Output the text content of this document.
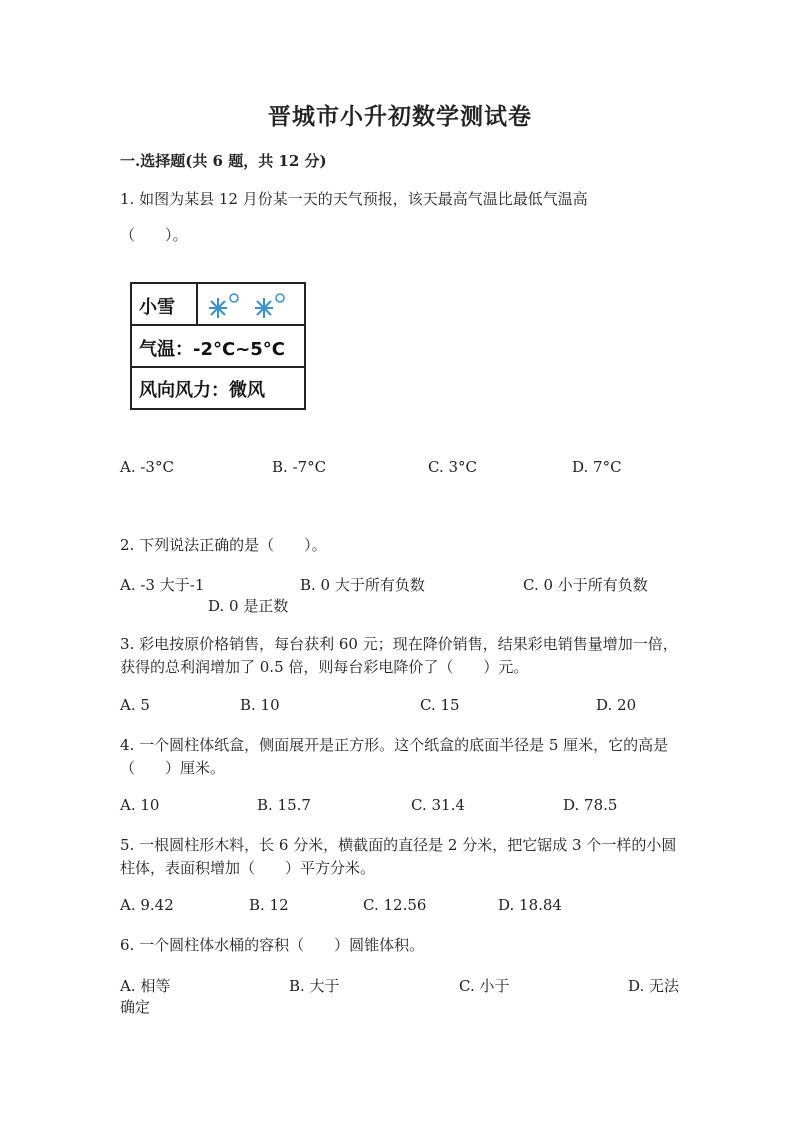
晋城市小升初数学测试卷
一.选择题(共 6 题，共 12 分)
1. 如图为某县 12 月份某一天的天气预报，该天最高气温比最低气温高
（　　）。
小雪
气温：-2°C~5°C
风向风力：微风
A. -3°C	B. -7°C	C. 3°C	D. 7°C
2. 下列说法正确的是（　　）。
A. -3 大于-1	B. 0 大于所有负数	C. 0 小于所有负数
D. 0 是正数
3. 彩电按原价格销售，每台获利 60 元；现在降价销售，结果彩电销售量增加一倍，获得的总利润增加了 0.5 倍，则每台彩电降价了（　　）元。
A. 5	B. 10	C. 15	D. 20
4. 一个圆柱体纸盒，侧面展开是正方形。这个纸盒的底面半径是 5 厘米，它的高是（　　）厘米。
A. 10	B. 15.7	C. 31.4	D. 78.5
5. 一根圆柱形木料，长 6 分米，横截面的直径是 2 分米，把它锯成 3 个一样的小圆柱体，表面积增加（　　）平方分米。
A. 9.42	B. 12	C. 12.56	D. 18.84
6. 一个圆柱体水桶的容积（　　）圆锥体积。
A. 相等	B. 大于	C. 小于	D. 无法
确定
